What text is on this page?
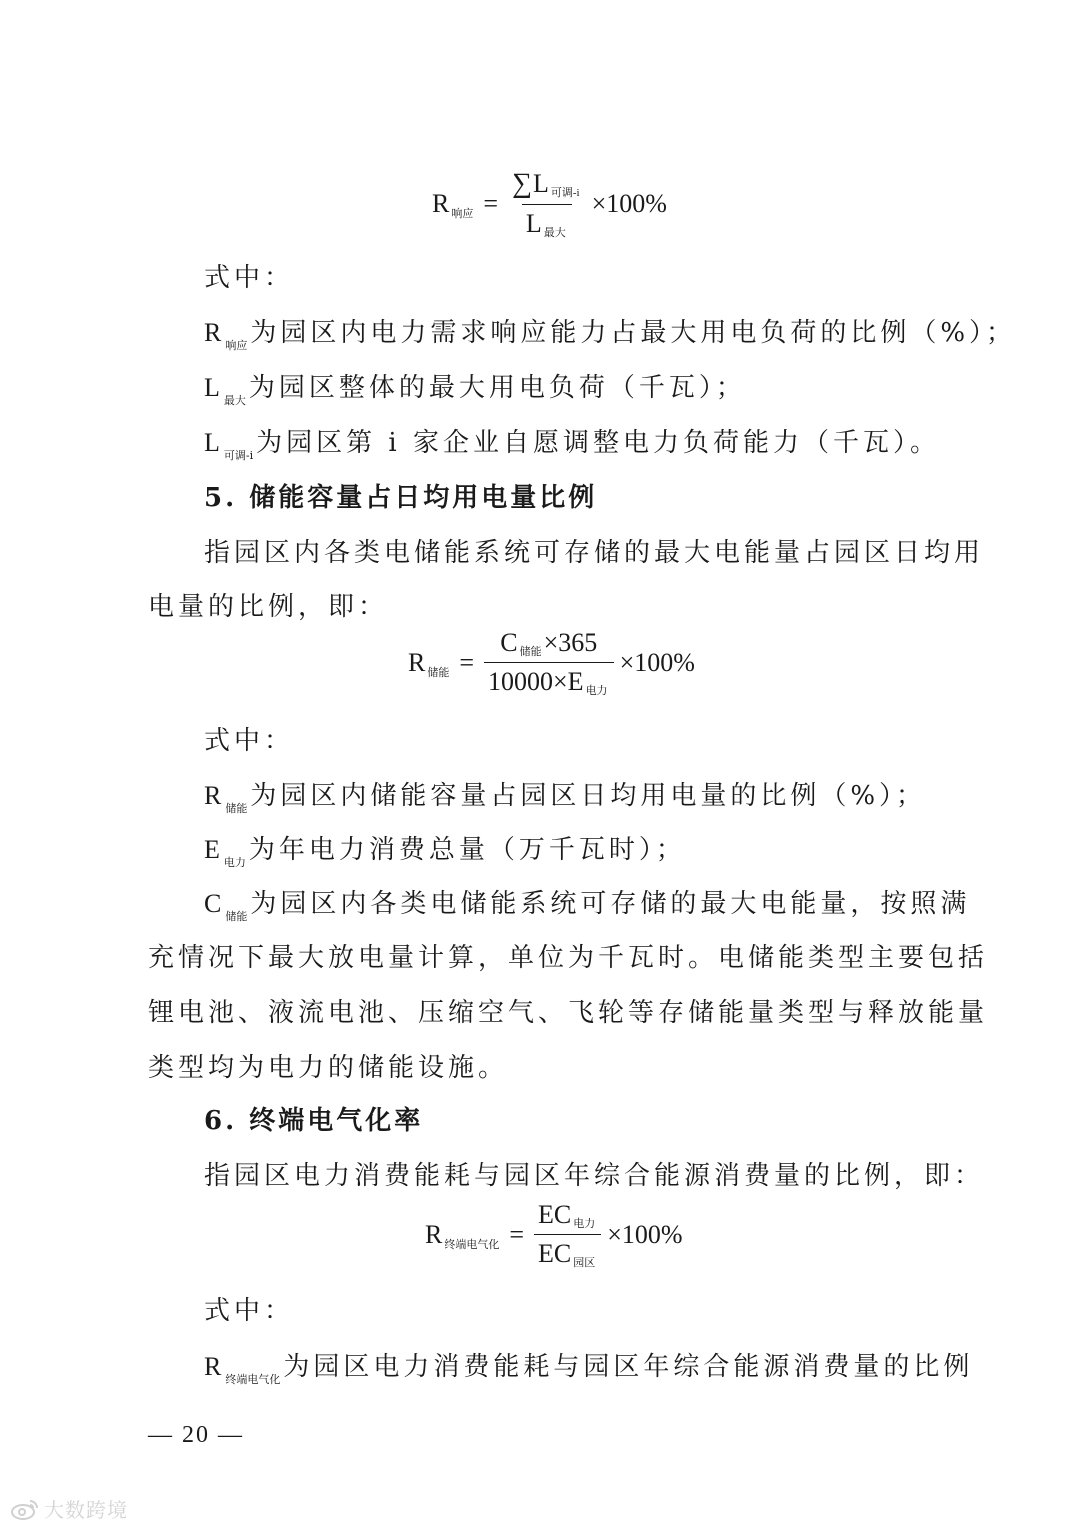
R 响应 = $\frac{\text{∑ L 可调-i}}{\text{L 最大}} \times 100\%$
式中：
R $_{响应}$ 为园区内电力需求响应能力占最大用电负荷的比例（%）；
L $_{最大}$ 为园区整体的最大用电负荷（千瓦）；
L $_{可调-i}$ 为园区第 i 家企业自愿调整电力负荷能力（千瓦）。
5. 储能容量占日均用电量比例
指园区内各类电储能系统可存储的最大电能量占园区日均用
电量的比例，即：
R 储能 = $\frac{\text{C 储能 ×365}}{\text{10000×E 电力}} \times 100\%$
式中：
R $_{储能}$ 为园区内储能容量占园区日均用电量的比例（%）；
E $_{电力}$ 为年电力消费总量（万千瓦时）；
C $_{储能}$ 为园区内各类电储能系统可存储的最大电能量，按照满
充情况下最大放电量计算，单位为千瓦时。电储能类型主要包括
锂电池、液流电池、压缩空气、飞轮等存储能量类型与释放能量
类型均为电力的储能设施。
6. 终端电气化率
指园区电力消费能耗与园区年综合能源消费量的比例，即：
R 终端电气化 = $\frac{\text{EC 电力}}{\text{EC 园区}} \times 100\%$
式中：
R $_{终端电气化}$ 为园区电力消费能耗与园区年综合能源消费量的比例
— 20 —
大数跨境
